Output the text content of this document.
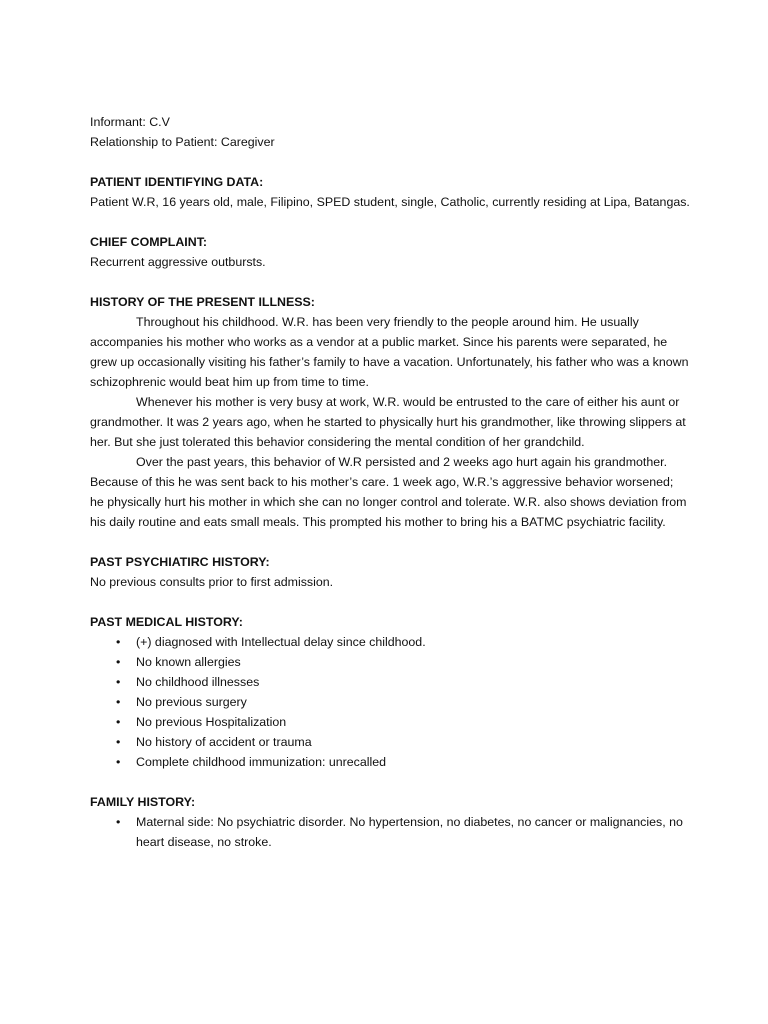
Informant: C.V

Relationship to Patient: Caregiver

PATIENT IDENTIFYING DATA:

Patient W.R, 16 years old, male, Filipino, SPED student, single, Catholic, currently residing at Lipa, Batangas.

CHIEF COMPLAINT:

Recurrent aggressive outbursts.

HISTORY OF THE PRESENT ILLNESS:

Throughout his childhood. W.R. has been very friendly to the people around him. He usually accompanies his mother who works as a vendor at a public market. Since his parents were separated, he grew up occasionally visiting his father’s family to have a vacation. Unfortunately, his father who was a known schizophrenic would beat him up from time to time.

Whenever his mother is very busy at work, W.R. would be entrusted to the care of either his aunt or grandmother. It was 2 years ago, when he started to physically hurt his grandmother, like throwing slippers at her. But she just tolerated this behavior considering the mental condition of her grandchild.

Over the past years, this behavior of W.R persisted and 2 weeks ago hurt again his grandmother. Because of this he was sent back to his mother’s care. 1 week ago, W.R.’s aggressive behavior worsened; he physically hurt his mother in which she can no longer control and tolerate. W.R. also shows deviation from his daily routine and eats small meals. This prompted his mother to bring his a BATMC psychiatric facility.

PAST PSYCHIATIRC HISTORY:

No previous consults prior to first admission.

PAST MEDICAL HISTORY:

• (+) diagnosed with Intellectual delay since childhood.
• No known allergies
• No childhood illnesses
• No previous surgery
• No previous Hospitalization
• No history of accident or trauma
• Complete childhood immunization: unrecalled

FAMILY HISTORY:

• Maternal side: No psychiatric disorder. No hypertension, no diabetes, no cancer or malignancies, no heart disease, no stroke.
